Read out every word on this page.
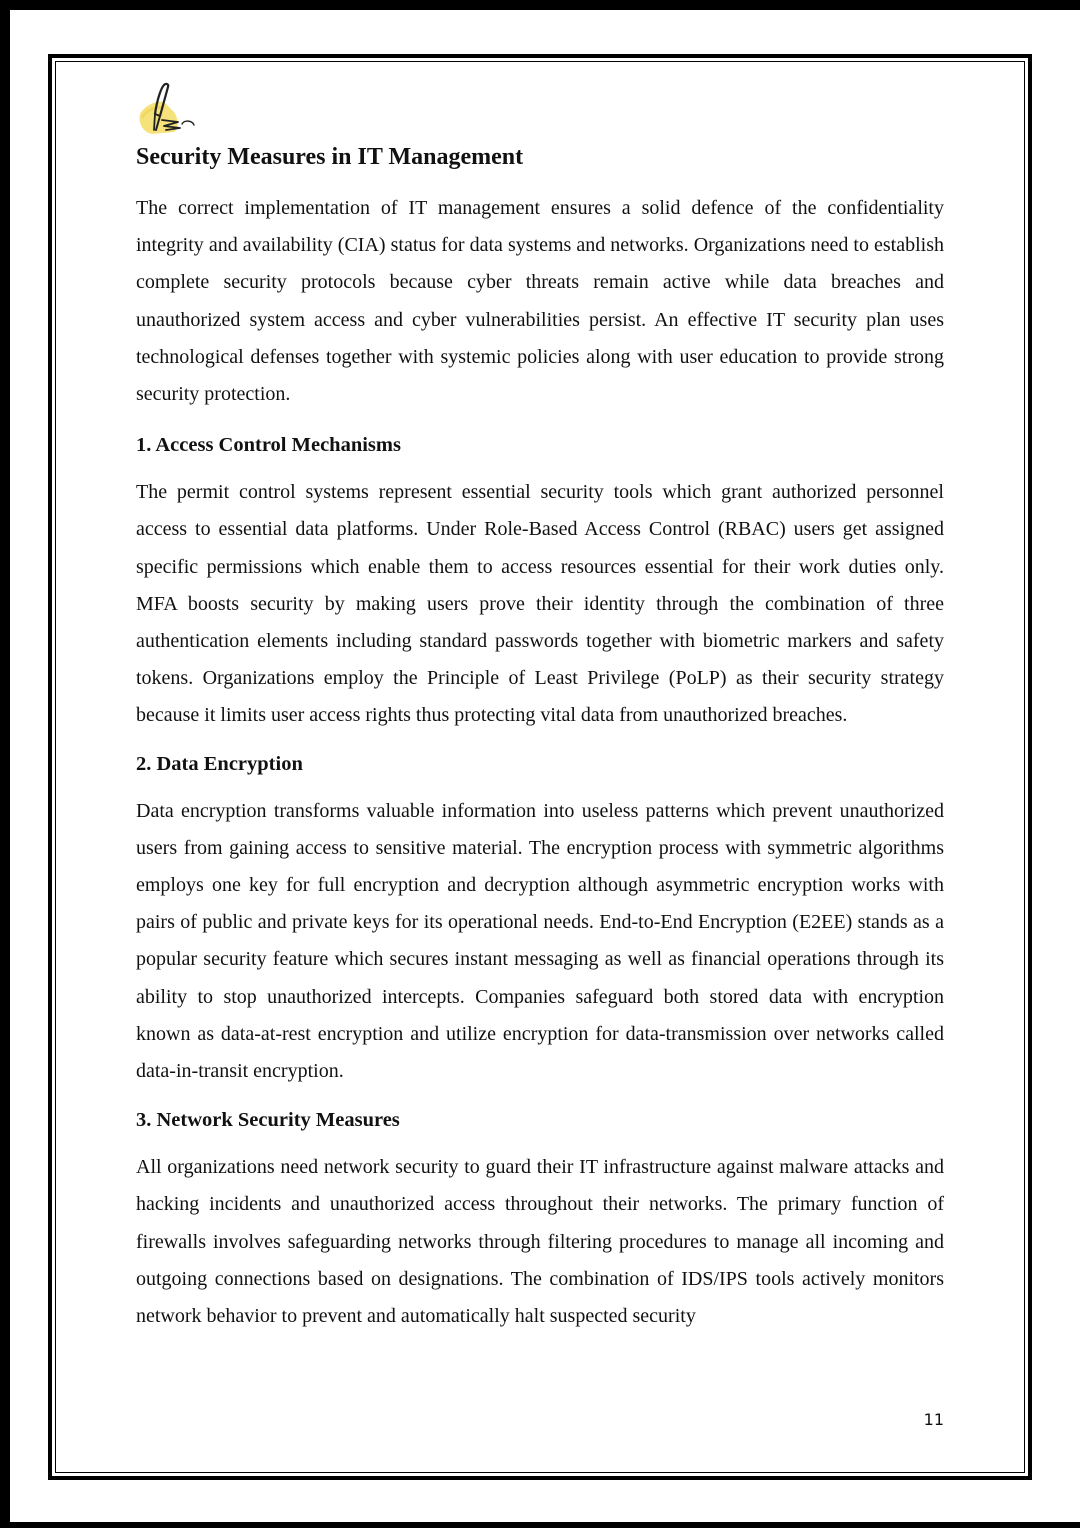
Security Measures in IT Management

The correct implementation of IT management ensures a solid defence of the confidentiality integrity and availability (CIA) status for data systems and networks. Organizations need to establish complete security protocols because cyber threats remain active while data breaches and unauthorized system access and cyber vulnerabilities persist. An effective IT security plan uses technological defenses together with systemic policies along with user education to provide strong security protection.

1. Access Control Mechanisms

The permit control systems represent essential security tools which grant authorized personnel access to essential data platforms. Under Role-Based Access Control (RBAC) users get assigned specific permissions which enable them to access resources essential for their work duties only. MFA boosts security by making users prove their identity through the combination of three authentication elements including standard passwords together with biometric markers and safety tokens. Organizations employ the Principle of Least Privilege (PoLP) as their security strategy because it limits user access rights thus protecting vital data from unauthorized breaches.

2. Data Encryption

Data encryption transforms valuable information into useless patterns which prevent unauthorized users from gaining access to sensitive material. The encryption process with symmetric algorithms employs one key for full encryption and decryption although asymmetric encryption works with pairs of public and private keys for its operational needs. End-to-End Encryption (E2EE) stands as a popular security feature which secures instant messaging as well as financial operations through its ability to stop unauthorized intercepts. Companies safeguard both stored data with encryption known as data-at-rest encryption and utilize encryption for data-transmission over networks called data-in-transit encryption.

3. Network Security Measures

All organizations need network security to guard their IT infrastructure against malware attacks and hacking incidents and unauthorized access throughout their networks. The primary function of firewalls involves safeguarding networks through filtering procedures to manage all incoming and outgoing connections based on designations. The combination of IDS/IPS tools actively monitors network behavior to prevent and automatically halt suspected security

11
